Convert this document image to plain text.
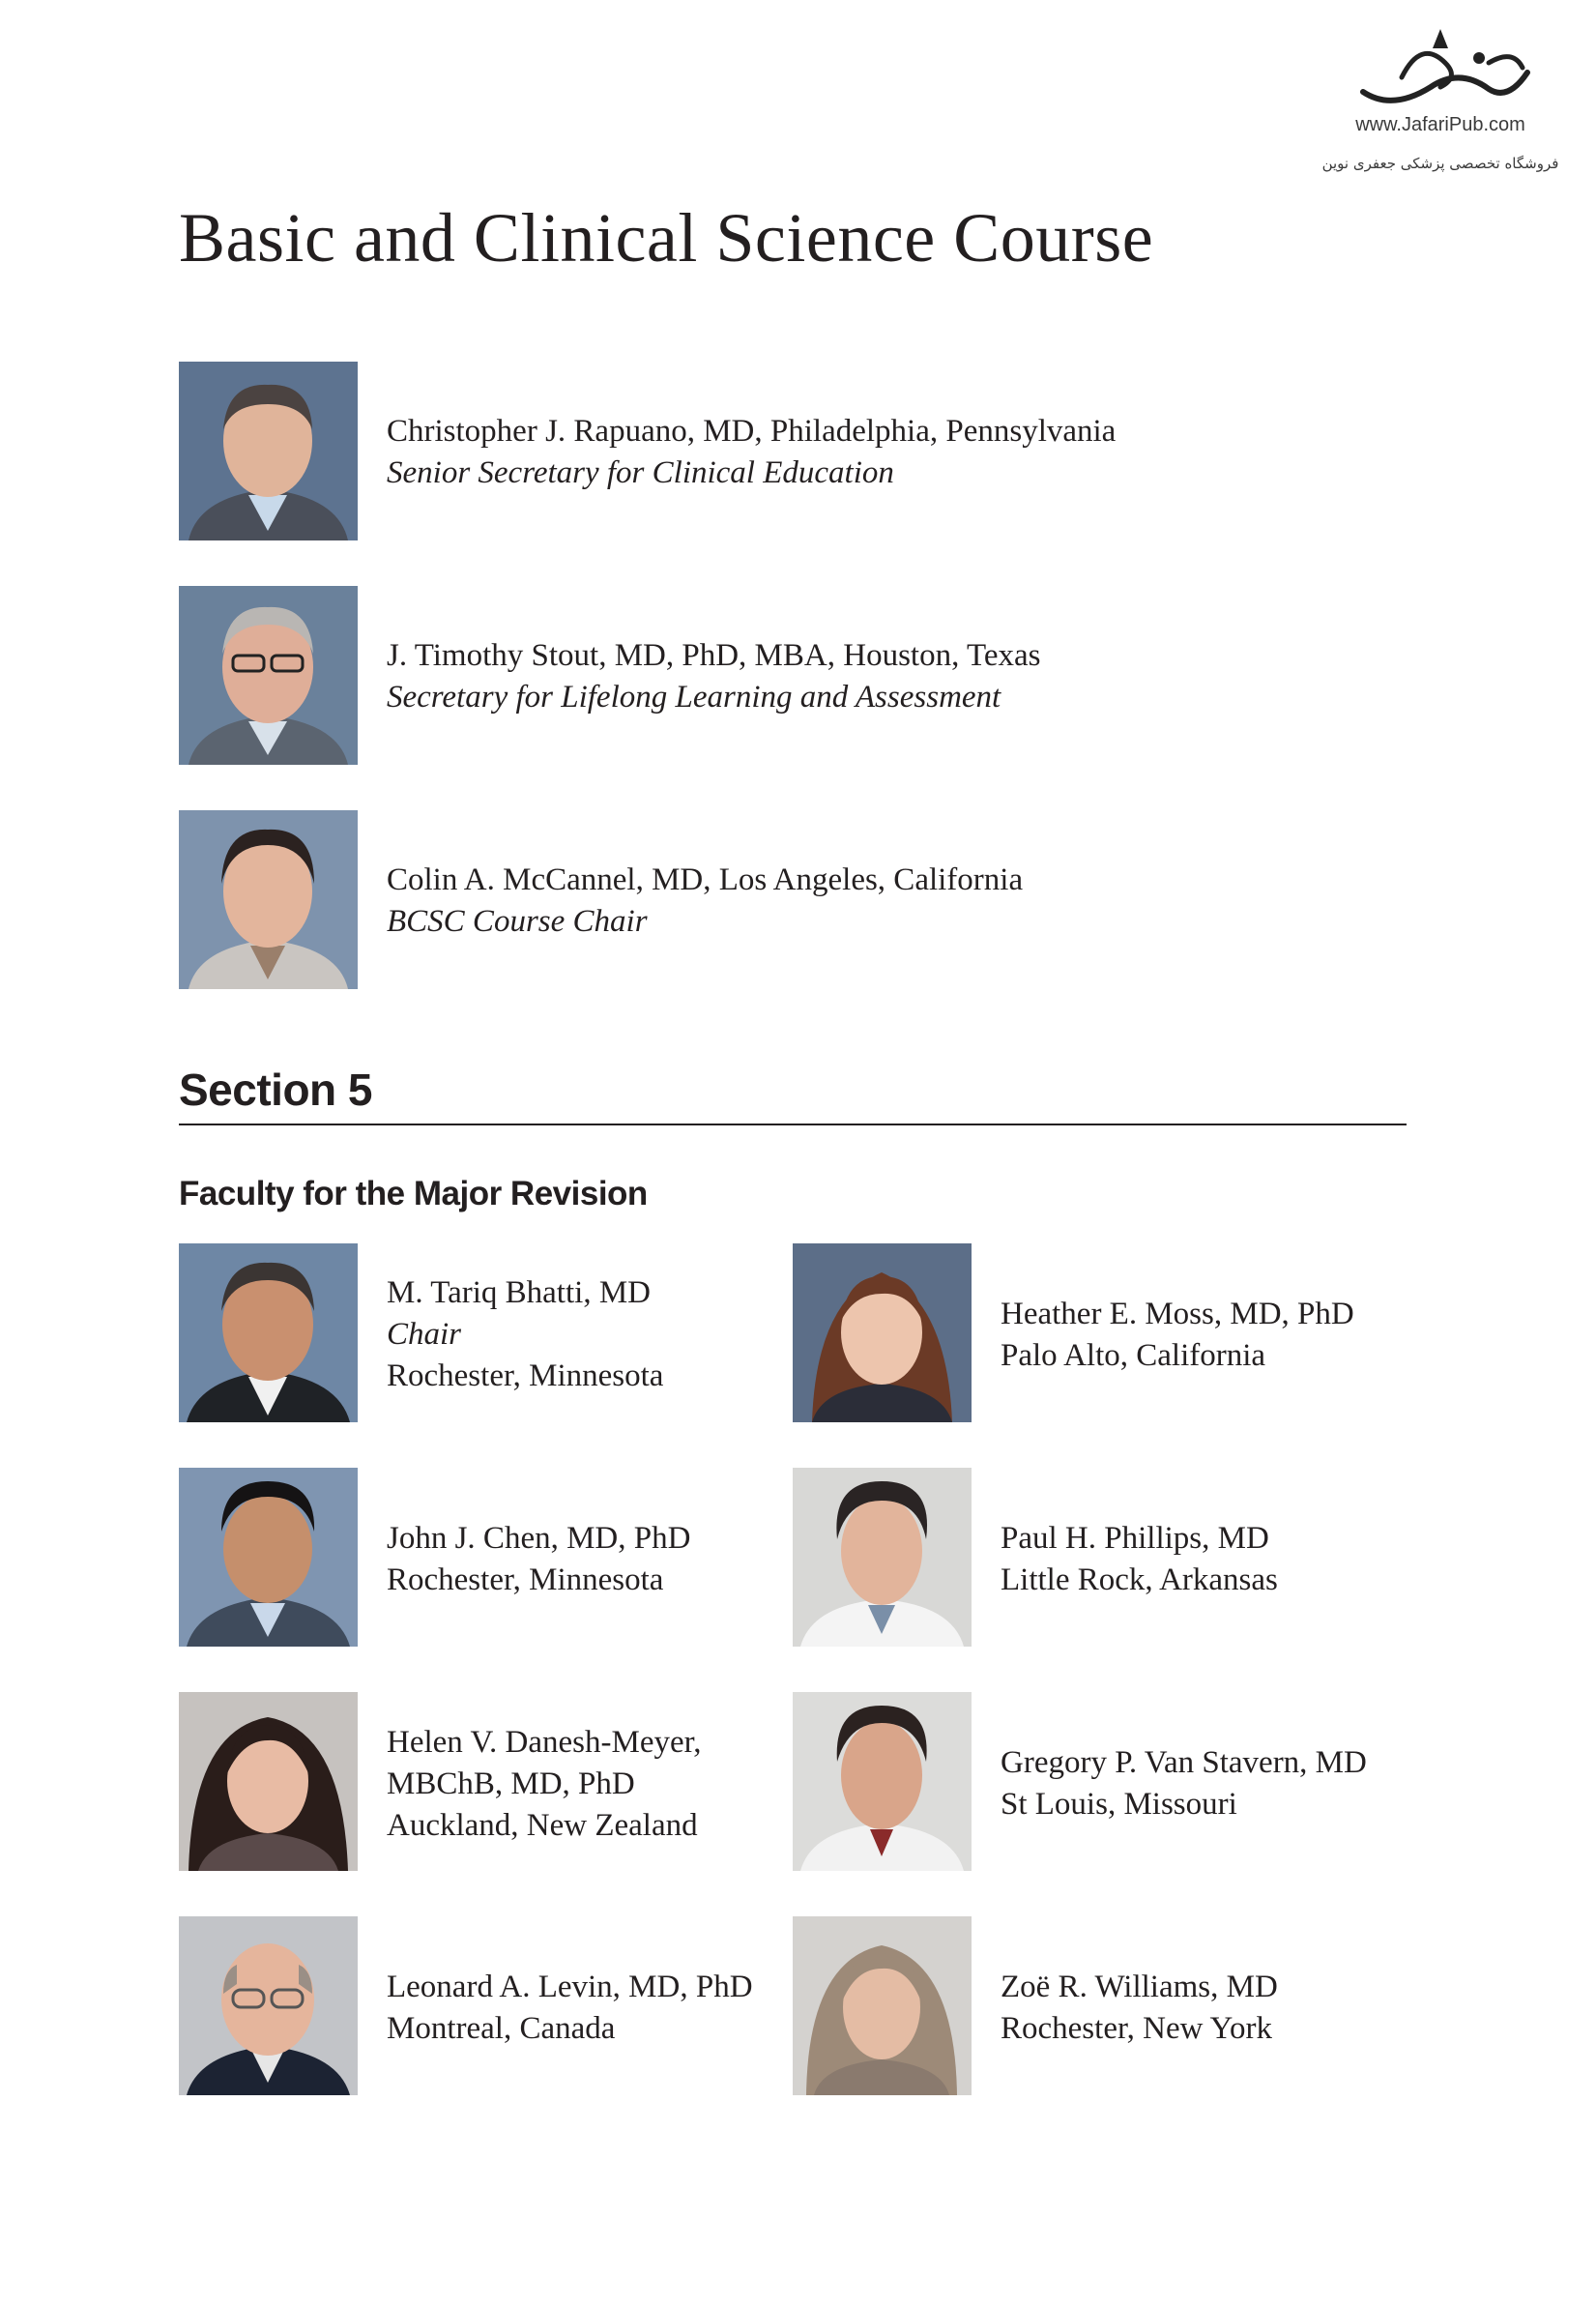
www.JafariPub.com
فروشگاه تخصصی پزشکی جعفری نوین
Basic and Clinical Science Course
Christopher J. Rapuano, MD, Philadelphia, Pennsylvania
Senior Secretary for Clinical Education
J. Timothy Stout, MD, PhD, MBA, Houston, Texas
Secretary for Lifelong Learning and Assessment
Colin A. McCannel, MD, Los Angeles, California
BCSC Course Chair
Section 5
Faculty for the Major Revision
M. Tariq Bhatti, MD
Chair
Rochester, Minnesota
Heather E. Moss, MD, PhD
Palo Alto, California
John J. Chen, MD, PhD
Rochester, Minnesota
Paul H. Phillips, MD
Little Rock, Arkansas
Helen V. Danesh-Meyer,
MBChB, MD, PhD
Auckland, New Zealand
Gregory P. Van Stavern, MD
St Louis, Missouri
Leonard A. Levin, MD, PhD
Montreal, Canada
Zoë R. Williams, MD
Rochester, New York
